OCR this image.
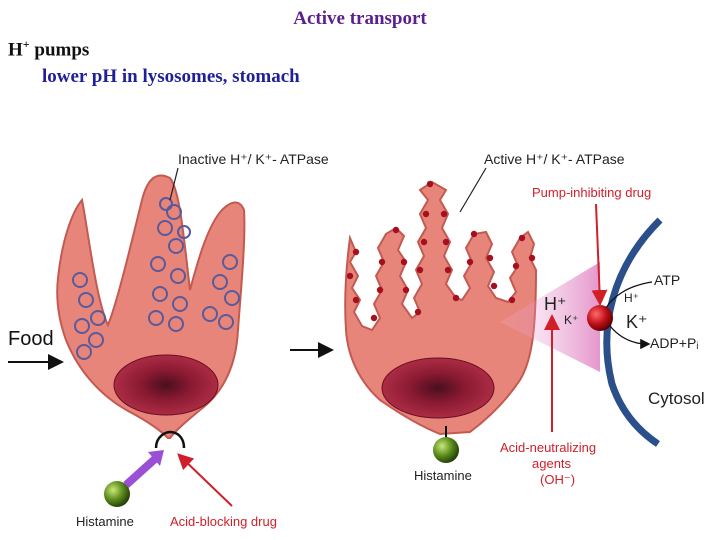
Active transport
H+ pumps
lower pH in lysosomes, stomach
Inactive H⁺/ K⁺- ATPase
Food
Histamine	Acid-blocking drug
Active H⁺/ K⁺- ATPase
Pump-inhibiting drug
H⁺
K⁺
H⁺
K⁺
ATP
ADP+Pᵢ
Cytosol
Acid-neutralizing
agents
(OH⁻)
Histamine
